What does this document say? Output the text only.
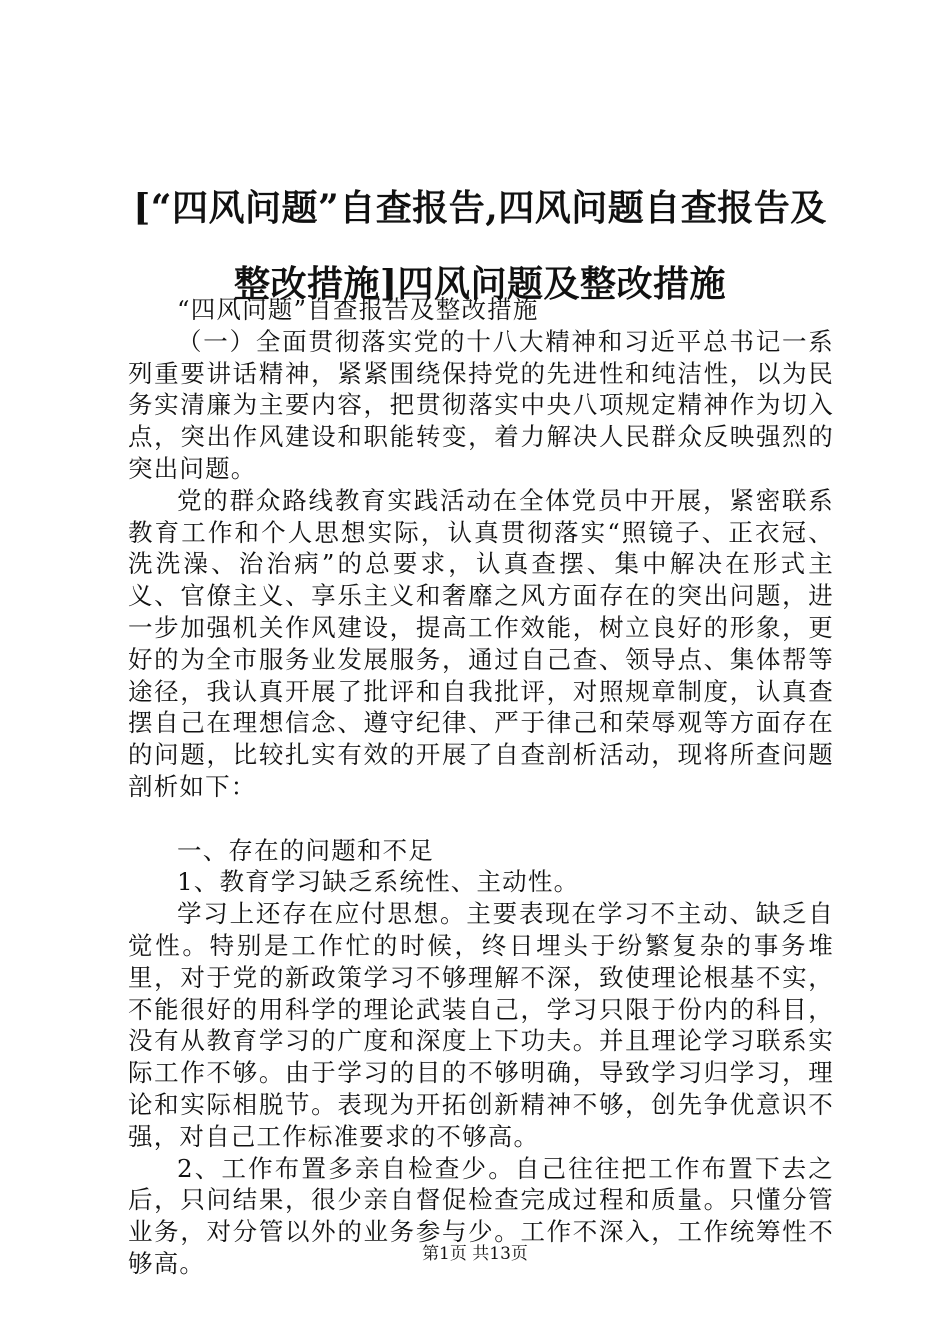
[“四风问题”自查报告,四风问题自查报告及整改措施]四风问题及整改措施

“四风问题”自查报告及整改措施

（一）全面贯彻落实党的十八大精神和习近平总书记一系列重要讲话精神，紧紧围绕保持党的先进性和纯洁性，以为民务实清廉为主要内容，把贯彻落实中央八项规定精神作为切入点，突出作风建设和职能转变，着力解决人民群众反映强烈的突出问题。

党的群众路线教育实践活动在全体党员中开展，紧密联系教育工作和个人思想实际，认真贯彻落实“照镜子、正衣冠、洗洗澡、治治病”的总要求，认真查摆、集中解决在形式主义、官僚主义、享乐主义和奢靡之风方面存在的突出问题，进一步加强机关作风建设，提高工作效能，树立良好的形象，更好的为全市服务业发展服务，通过自己查、领导点、集体帮等途径，我认真开展了批评和自我批评，对照规章制度，认真查摆自己在理想信念、遵守纪律、严于律己和荣辱观等方面存在的问题，比较扎实有效的开展了自查剖析活动，现将所查问题剖析如下：

一、存在的问题和不足

1、教育学习缺乏系统性、主动性。

学习上还存在应付思想。主要表现在学习不主动、缺乏自觉性。特别是工作忙的时候，终日埋头于纷繁复杂的事务堆里，对于党的新政策学习不够理解不深，致使理论根基不实，不能很好的用科学的理论武装自己，学习只限于份内的科目，没有从教育学习的广度和深度上下功夫。并且理论学习联系实际工作不够。由于学习的目的不够明确，导致学习归学习，理论和实际相脱节。表现为开拓创新精神不够，创先争优意识不强，对自己工作标准要求的不够高。

2、工作布置多亲自检查少。自己往往把工作布置下去之后，只问结果，很少亲自督促检查完成过程和质量。只懂分管业务，对分管以外的业务参与少。工作不深入，工作统筹性不够高。	第1页 共13页
